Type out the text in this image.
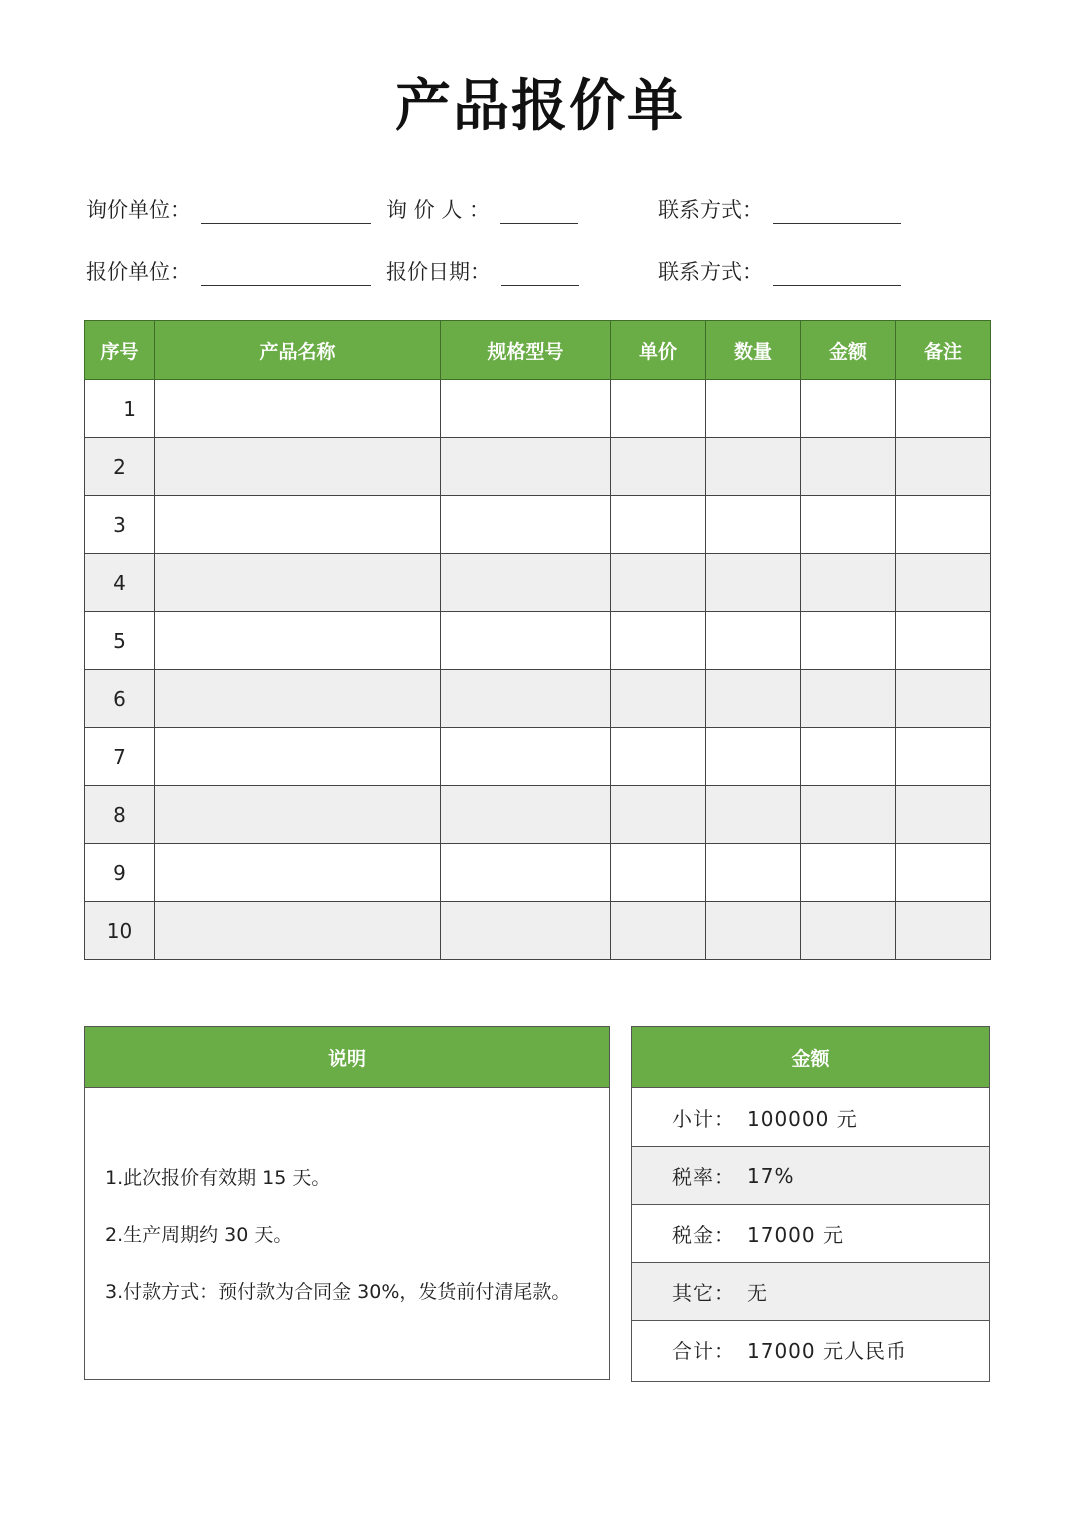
产品报价单
询价单位：	询 价 人 ：	联系方式：
报价单位：	报价日期：	联系方式：
序号	产品名称	规格型号	单价	数量	金额	备注
1						
2						
3						
4						
5						
6						
7						
8						
9						
10						
说明
1.此次报价有效期 15 天。
2.生产周期约 30 天。
3.付款方式：预付款为合同金 30%，发货前付清尾款。
金额
小计： 100000 元
税率： 17%
税金： 17000 元
其它： 无
合计： 17000 元人民币
